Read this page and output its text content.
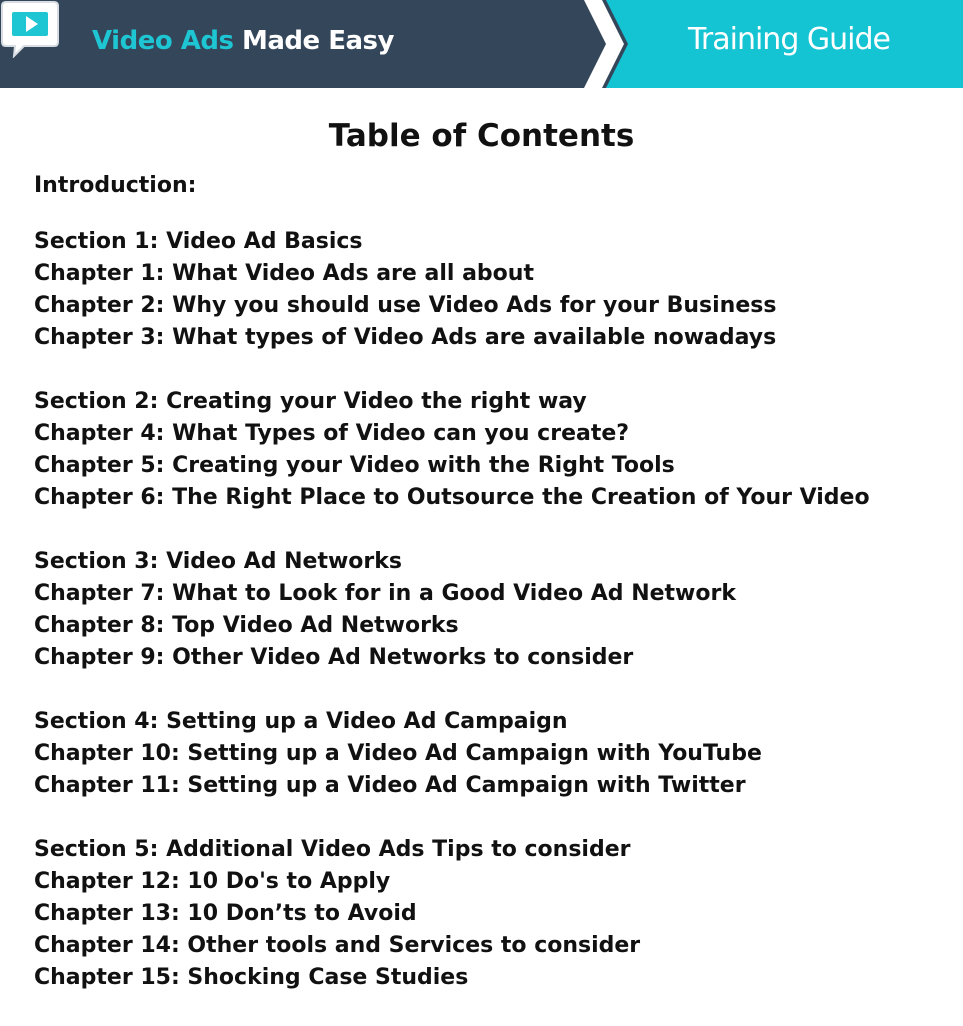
Video Ads Made Easy	Training Guide
Table of Contents
Introduction:
Section 1: Video Ad Basics
Chapter 1: What Video Ads are all about
Chapter 2: Why you should use Video Ads for your Business
Chapter 3: What types of Video Ads are available nowadays
Section 2: Creating your Video the right way
Chapter 4: What Types of Video can you create?
Chapter 5: Creating your Video with the Right Tools
Chapter 6: The Right Place to Outsource the Creation of Your Video
Section 3: Video Ad Networks
Chapter 7: What to Look for in a Good Video Ad Network
Chapter 8: Top Video Ad Networks
Chapter 9: Other Video Ad Networks to consider
Section 4: Setting up a Video Ad Campaign
Chapter 10: Setting up a Video Ad Campaign with YouTube
Chapter 11: Setting up a Video Ad Campaign with Twitter
Section 5: Additional Video Ads Tips to consider
Chapter 12: 10 Do's to Apply
Chapter 13: 10 Don’ts to Avoid
Chapter 14: Other tools and Services to consider
Chapter 15: Shocking Case Studies
